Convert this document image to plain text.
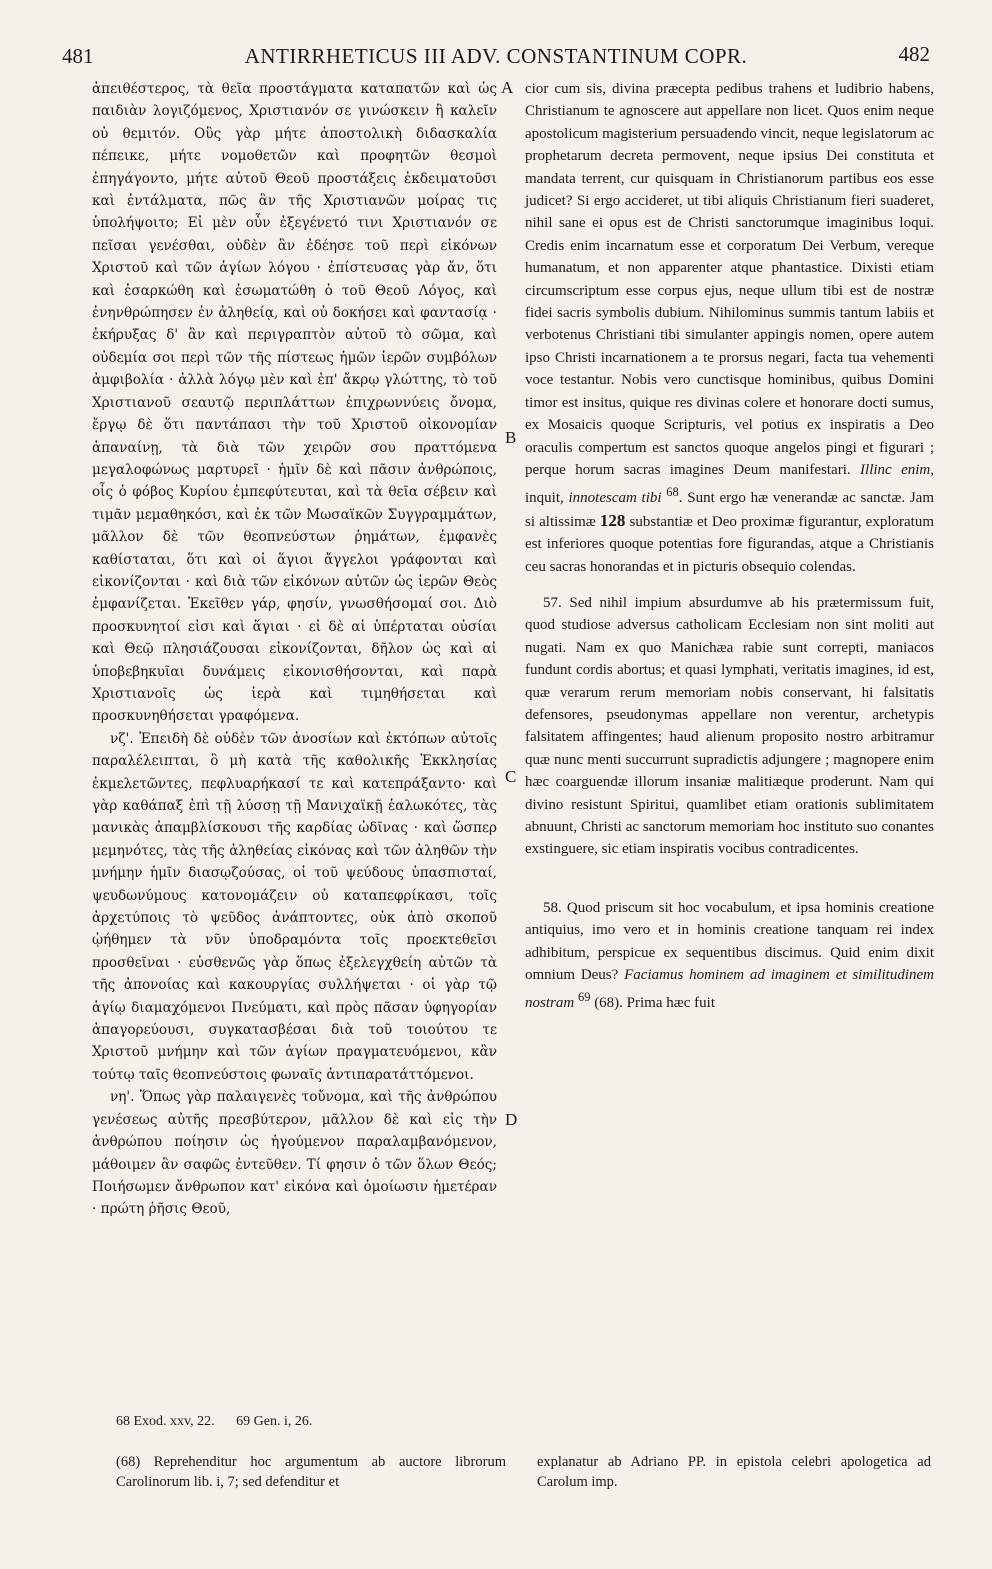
481	ANTIRRHETICUS III ADV. CONSTANTINUM COPR.	482
A
B
C
D

ἀπειθέστερος, τὰ θεῖα προστάγματα καταπατῶν καὶ ὡς παιδιὰν λογιζόμενος, Χριστιανόν σε γινώσκειν ἢ καλεῖν οὐ θεμιτόν. Οὓς γὰρ μήτε ἀποστολικὴ διδασκαλία πέπεικε, μήτε νομοθετῶν καὶ προφητῶν θεσμοὶ ἐπηγάγοντο, μήτε αὐτοῦ Θεοῦ προστάξεις ἐκδειματοῦσι καὶ ἐντάλματα, πῶς ἂν τῆς Χριστιανῶν μοίρας τις ὑπολήψοιτο; Εἰ μὲν οὖν ἐξεγένετό τινι Χριστιανόν σε πεῖσαι γενέσθαι, οὐδὲν ἂν ἐδέησε τοῦ περὶ εἰκόνων Χριστοῦ καὶ τῶν ἁγίων λόγου · ἐπίστευσας γὰρ ἄν, ὅτι καὶ ἐσαρκώθη καὶ ἐσωματώθη ὁ τοῦ Θεοῦ Λόγος, καὶ ἐνηνθρώπησεν ἐν ἀληθείᾳ, καὶ οὐ δοκήσει καὶ φαντασίᾳ · ἐκήρυξας δ' ἂν καὶ περιγραπτὸν αὐτοῦ τὸ σῶμα, καὶ οὐδεμία σοι περὶ τῶν τῆς πίστεως ἡμῶν ἱερῶν συμβόλων ἀμφιβολία · ἀλλὰ λόγῳ μὲν καὶ ἐπ' ἄκρῳ γλώττης, τὸ τοῦ Χριστιανοῦ σεαυτῷ περιπλάττων ἐπιχρωννύεις ὄνομα, ἔργῳ δὲ ὅτι παντάπασι τὴν τοῦ Χριστοῦ οἰκονομίαν ἀπαναίνῃ, τὰ διὰ τῶν χειρῶν σου πραττόμενα μεγαλοφώνως μαρτυρεῖ · ἡμῖν δὲ καὶ πᾶσιν ἀνθρώποις, οἷς ὁ φόβος Κυρίου ἐμπεφύτευται, καὶ τὰ θεῖα σέβειν καὶ τιμᾶν μεμαθηκόσι, καὶ ἐκ τῶν Μωσαϊκῶν Συγγραμμάτων, μᾶλλον δὲ τῶν θεοπνεύστων ῥημάτων, ἐμφανὲς καθίσταται, ὅτι καὶ οἱ ἅγιοι ἄγγελοι γράφονται καὶ εἰκονίζονται · καὶ διὰ τῶν εἰκόνων αὐτῶν ὡς ἱερῶν Θεὸς ἐμφανίζεται. Ἐκεῖθεν γάρ, φησίν, γνωσθήσομαί σοι. Διὸ προσκυνητοί εἰσι καὶ ἅγιαι · εἰ δὲ αἱ ὑπέρταται οὐσίαι καὶ Θεῷ πλησιάζουσαι εἰκονίζονται, δῆλον ὡς καὶ αἱ ὑποβεβηκυῖαι δυνάμεις εἰκονισθήσονται, καὶ παρὰ Χριστιανοῖς ὡς ἱερὰ καὶ τιμηθήσεται καὶ προσκυνηθήσεται γραφόμενα.

νζ'. Ἐπειδὴ δὲ οὐδὲν τῶν ἀνοσίων καὶ ἐκτόπων αὐτοῖς παραλέλειπται, ὃ μὴ κατὰ τῆς καθολικῆς Ἐκκλησίας ἐκμελετῶντες, πεφλυαρήκασί τε καὶ κατεπράξαντο· καὶ γὰρ καθάπαξ ἐπὶ τῇ λύσσῃ τῇ Μανιχαϊκῇ ἑαλωκότες, τὰς μανικὰς ἀπαμβλίσκουσι τῆς καρδίας ὠδῖνας · καὶ ὥσπερ μεμηνότες, τὰς τῆς ἀληθείας εἰκόνας καὶ τῶν ἀληθῶν τὴν μνήμην ἡμῖν διασῳζούσας, οἱ τοῦ ψεύδους ὑπασπισταί, ψευδωνύμους κατονομάζειν οὐ καταπεφρίκασι, τοῖς ἀρχετύποις τὸ ψεῦδος ἀνάπτοντες, οὐκ ἀπὸ σκοποῦ ᾠήθημεν τὰ νῦν ὑποδραμόντα τοῖς προεκτεθεῖσι προσθεῖναι · εὐσθενῶς γὰρ ὅπως ἐξελεγχθείη αὐτῶν τὰ τῆς ἀπονοίας καὶ κακουργίας συλλήψεται · οἱ γὰρ τῷ ἁγίῳ διαμαχόμενοι Πνεύματι, καὶ πρὸς πᾶσαν ὑφηγορίαν ἀπαγορεύουσι, συγκατασβέσαι διὰ τοῦ τοιούτου τε Χριστοῦ μνήμην καὶ τῶν ἁγίων πραγματευόμενοι, κἂν τούτῳ ταῖς θεοπνεύστοις φωναῖς ἀντιπαρατάττόμενοι.

νη'. Ὅπως γὰρ παλαιγενὲς τοὔνομα, καὶ τῆς ἀνθρώπου γενέσεως αὐτῆς πρεσβύτερον, μᾶλλον δὲ καὶ εἰς τὴν ἀνθρώπου ποίησιν ὡς ἡγούμενον παραλαμβανόμενον, μάθοιμεν ἂν σαφῶς ἐντεῦθεν. Τί φησιν ὁ τῶν ὅλων Θεός; Ποιήσωμεν ἄνθρωπον κατ' εἰκόνα καὶ ὁμοίωσιν ἡμετέραν · πρώτη ῥῆσις Θεοῦ,

cior cum sis, divina præcepta pedibus trahens et ludibrio habens, Christianum te agnoscere aut appellare non licet. Quos enim neque apostolicum magisterium persuadendo vincit, neque legislatorum ac prophetarum decreta permovent, neque ipsius Dei constituta et mandata terrent, cur quisquam in Christianorum partibus eos esse judicet? Si ergo accideret, ut tibi aliquis Christianum fieri suaderet, nihil sane ei opus est de Christi sanctorumque imaginibus loqui. Credis enim incarnatum esse et corporatum Dei Verbum, vereque humanatum, et non apparenter atque phantastice. Dixisti etiam circumscriptum esse corpus ejus, neque ullum tibi est de nostræ fidei sacris symbolis dubium. Nihilominus summis tantum labiis et verbotenus Christiani tibi simulanter appingis nomen, opere autem ipso Christi incarnationem a te prorsus negari, facta tua vehementi voce testantur. Nobis vero cunctisque hominibus, quibus Domini timor est insitus, quique res divinas colere et honorare docti sumus, ex Mosaicis quoque Scripturis, vel potius ex inspiratis a Deo oraculis compertum est sanctos quoque angelos pingi et figurari ; perque horum sacras imagines Deum manifestari. Illinc enim, inquit, innotescam tibi $^{68}$. Sunt ergo hæ venerandæ ac sanctæ. Jam si altissimæ 128 substantiæ et Deo proximæ figurantur, exploratum est inferiores quoque potentias fore figurandas, atque a Christianis ceu sacras honorandas et in picturis obsequio colendas.

57. Sed nihil impium absurdumve ab his prætermissum fuit, quod studiose adversus catholicam Ecclesiam non sint moliti aut nugati. Nam ex quo Manichæa rabie sunt correpti, maniacos fundunt cordis abortus; et quasi lymphati, veritatis imagines, id est, quæ verarum rerum memoriam nobis conservant, hi falsitatis defensores, pseudonymas appellare non verentur, archetypis falsitatem affingentes; haud alienum proposito nostro arbitramur quæ nunc menti succurrunt supradictis adjungere ; magnopere enim hæc coarguendæ illorum insaniæ malitiæque proderunt. Nam qui divino resistunt Spiritui, quamlibet etiam orationis sublimitatem abnuunt, Christi ac sanctorum memoriam hoc instituto suo conantes exstinguere, sic etiam inspiratis vocibus contradicentes.

58. Quod priscum sit hoc vocabulum, et ipsa hominis creatione antiquius, imo vero et in hominis creatione tanquam rei index adhibitum, perspicue ex sequentibus discimus. Quid enim dixit omnium Deus? Faciamus hominem ad imaginem et similitudinem nostram $^{69}$ (68). Prima hæc fuit

68 Exod. xxv, 22. 69 Gen. i, 26.
(68) Reprehenditur hoc argumentum ab auctore librorum Carolinorum lib. i, 7; sed defenditur et
explanatur ab Adriano PP. in epistola celebri apologetica ad Carolum imp.
